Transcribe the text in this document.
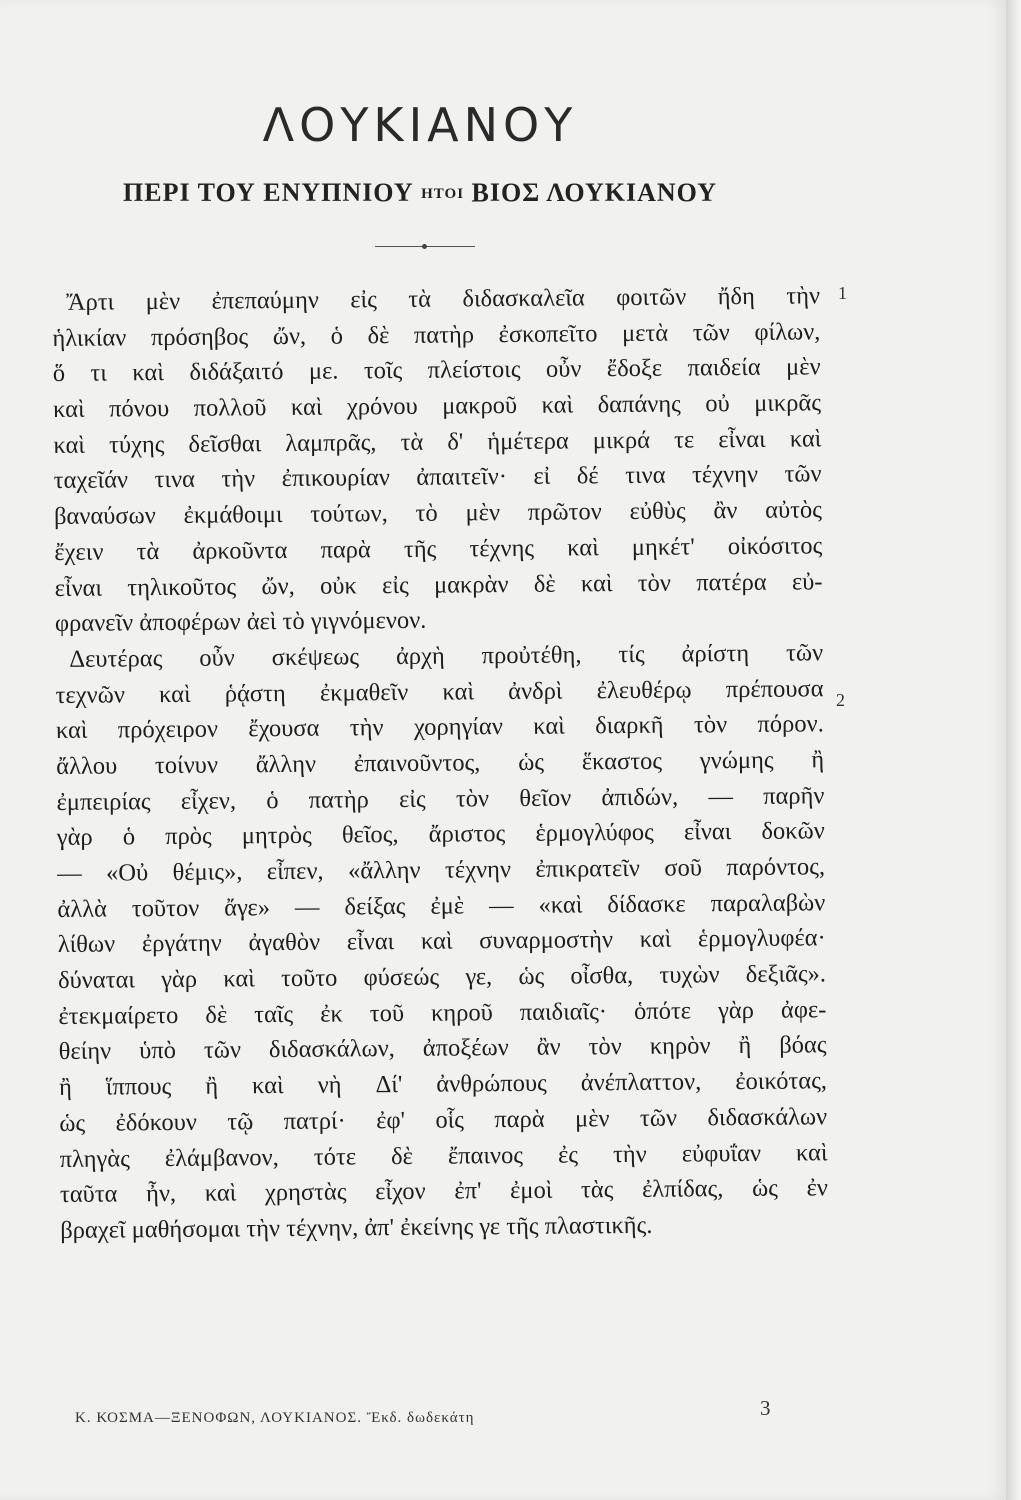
ΛΟΥΚΙΑΝΟΥ
ΠΕΡΙ ΤΟΥ ΕΝΥΠΝΙΟΥ ΗΤΟΙ ΒΙΟΣ ΛΟΥΚΙΑΝΟΥ
1
2
Ἄρτι μὲν ἐπεπαύμην εἰς τὰ διδασκαλεῖα φοιτῶν ἤδη τὴν
ἡλικίαν πρόσηβος ὤν, ὁ δὲ πατὴρ ἐσκοπεῖτο μετὰ τῶν φίλων,
ὅ τι καὶ διδάξαιτό με. τοῖς πλείστοις οὖν ἔδοξε παιδεία μὲν
καὶ πόνου πολλοῦ καὶ χρόνου μακροῦ καὶ δαπάνης οὐ μικρᾶς
καὶ τύχης δεῖσθαι λαμπρᾶς, τὰ δ' ἡμέτερα μικρά τε εἶναι καὶ
ταχεῖάν τινα τὴν ἐπικουρίαν ἀπαιτεῖν· εἰ δέ τινα τέχνην τῶν
βαναύσων ἐκμάθοιμι τούτων, τὸ μὲν πρῶτον εὐθὺς ἂν αὐτὸς
ἔχειν τὰ ἀρκοῦντα παρὰ τῆς τέχνης καὶ μηκέτ' οἰκόσιτος
εἶναι τηλικοῦτος ὤν, οὐκ εἰς μακρὰν δὲ καὶ τὸν πατέρα εὐ-
φρανεῖν ἀποφέρων ἀεὶ τὸ γιγνόμενον.
Δευτέρας οὖν σκέψεως ἀρχὴ προὐτέθη, τίς ἀρίστη τῶν
τεχνῶν καὶ ῥᾴστη ἐκμαθεῖν καὶ ἀνδρὶ ἐλευθέρῳ πρέπουσα
καὶ πρόχειρον ἔχουσα τὴν χορηγίαν καὶ διαρκῆ τὸν πόρον.
ἄλλου τοίνυν ἄλλην ἐπαινοῦντος, ὡς ἕκαστος γνώμης ἢ
ἐμπειρίας εἶχεν, ὁ πατὴρ εἰς τὸν θεῖον ἀπιδών, — παρῆν
γὰρ ὁ πρὸς μητρὸς θεῖος, ἄριστος ἑρμογλύφος εἶναι δοκῶν
— «Οὐ θέμις», εἶπεν, «ἄλλην τέχνην ἐπικρατεῖν σοῦ παρόντος,
ἀλλὰ τοῦτον ἄγε» — δείξας ἐμὲ — «καὶ δίδασκε παραλαβὼν
λίθων ἐργάτην ἀγαθὸν εἶναι καὶ συναρμοστὴν καὶ ἑρμογλυφέα·
δύναται γὰρ καὶ τοῦτο φύσεώς γε, ὡς οἶσθα, τυχὼν δεξιᾶς».
ἐτεκμαίρετο δὲ ταῖς ἐκ τοῦ κηροῦ παιδιαῖς· ὁπότε γὰρ ἀφε-
θείην ὑπὸ τῶν διδασκάλων, ἀποξέων ἂν τὸν κηρὸν ἢ βόας
ἢ ἵππους ἢ καὶ νὴ Δί' ἀνθρώπους ἀνέπλαττον, ἐοικότας,
ὡς ἐδόκουν τῷ πατρί· ἐφ' οἷς παρὰ μὲν τῶν διδασκάλων
πληγὰς ἐλάμβανον, τότε δὲ ἔπαινος ἐς τὴν εὐφυΐαν καὶ
ταῦτα ἦν, καὶ χρηστὰς εἶχον ἐπ' ἐμοὶ τὰς ἐλπίδας, ὡς ἐν
βραχεῖ μαθήσομαι τὴν τέχνην, ἀπ' ἐκείνης γε τῆς πλαστικῆς.
Κ. ΚΟΣΜΑ—ΞΕΝΟΦΩΝ, ΛΟΥΚΙΑΝΟΣ. Ἔκδ. δωδεκάτη	3
